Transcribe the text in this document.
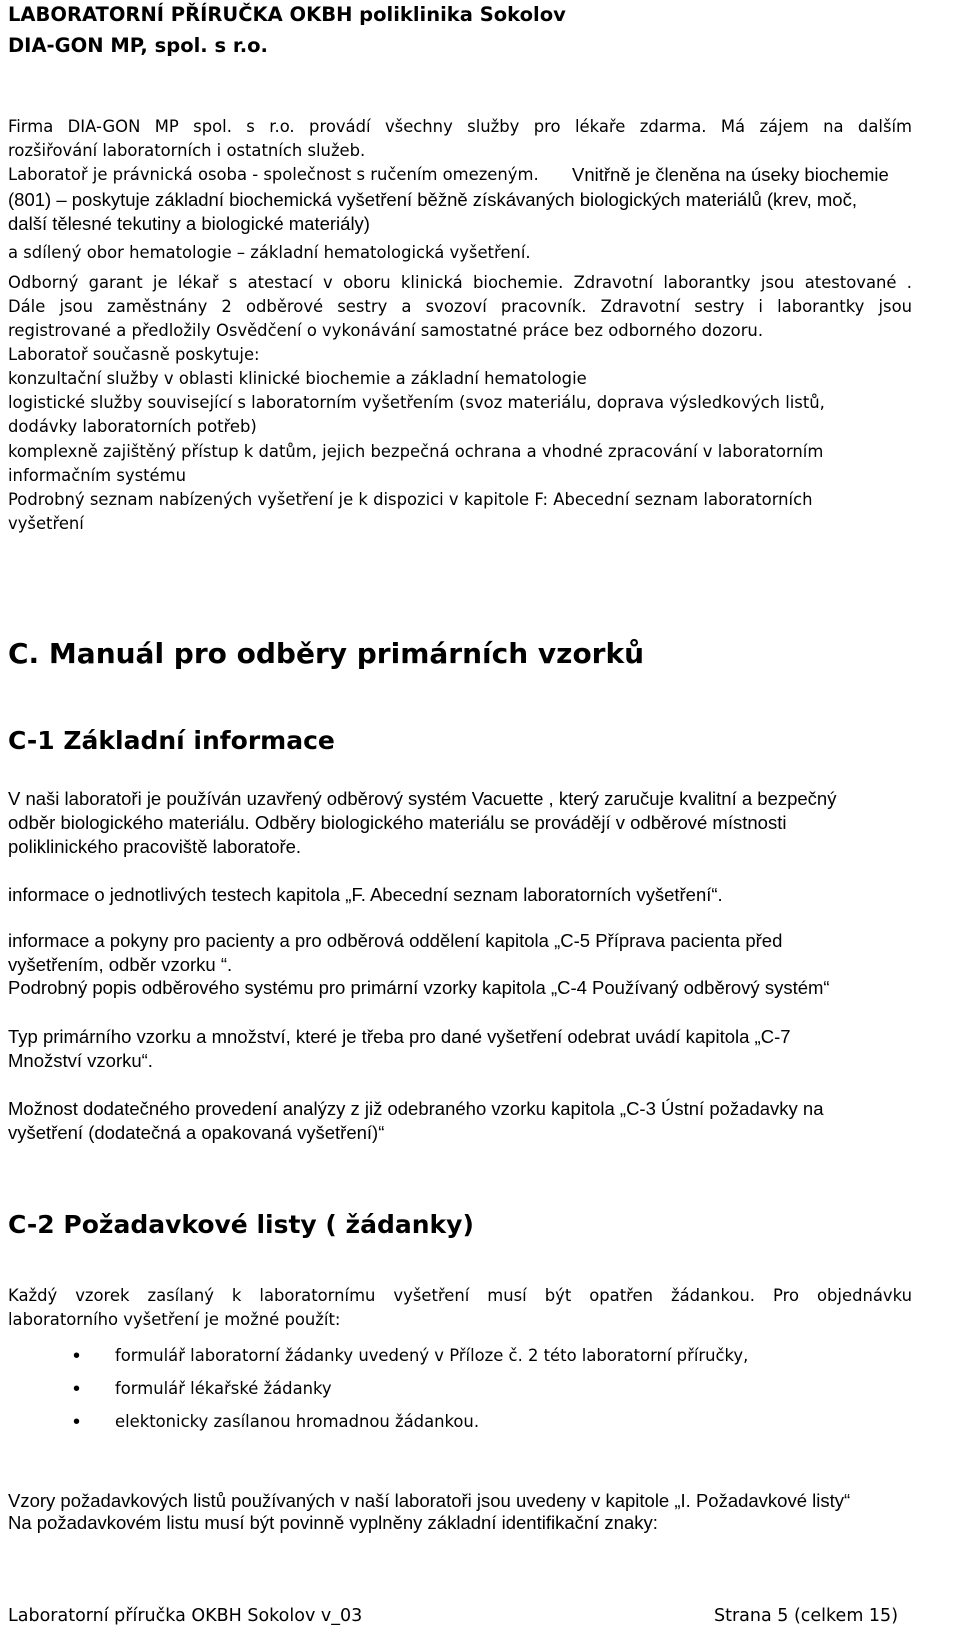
LABORATORNÍ PŘÍRUČKA OKBH poliklinika Sokolov

DIA-GON MP, spol. s r.o.

Firma DIA-GON MP spol. s r.o. provádí všechny služby pro lékaře zdarma. Má zájem na dalším

rozšiřování laboratorních i ostatních služeb.

Laboratoř je právnická osoba - společnost s ručením omezeným. Vnitřně je členěna na úseky biochemie

(801) – poskytuje základní biochemická vyšetření běžně získávaných biologických materiálů (krev, moč,

další tělesné tekutiny a biologické materiály)

a sdílený obor hematologie – základní hematologická vyšetření.

Odborný garant je lékař s atestací v oboru klinická biochemie. Zdravotní laborantky jsou atestované .

Dále jsou zaměstnány 2 odběrové sestry a svozoví pracovník. Zdravotní sestry i laborantky jsou

registrované a předložily Osvědčení o vykonávání samostatné práce bez odborného dozoru.

Laboratoř současně poskytuje:

konzultační služby v oblasti klinické biochemie a základní hematologie

logistické služby související s laboratorním vyšetřením (svoz materiálu, doprava výsledkových listů,

dodávky laboratorních potřeb)

komplexně zajištěný přístup k datům, jejich bezpečná ochrana a vhodné zpracování v laboratorním

informačním systému

Podrobný seznam nabízených vyšetření je k dispozici v kapitole F: Abecední seznam laboratorních

vyšetření

C. Manuál pro odběry primárních vzorků
C-1 Základní informace

V naši laboratoři je používán uzavřený odběrový systém Vacuette , který zaručuje kvalitní a bezpečný

odběr biologického materiálu. Odběry biologického materiálu se provádějí v odběrové místnosti

poliklinického pracoviště laboratoře.

informace o jednotlivých testech kapitola „F. Abecední seznam laboratorních vyšetření“.

informace a pokyny pro pacienty a pro odběrová oddělení kapitola „C-5 Příprava pacienta před

vyšetřením, odběr vzorku “.

Podrobný popis odběrového systému pro primární vzorky kapitola „C-4 Používaný odběrový systém“

Typ primárního vzorku a množství, které je třeba pro dané vyšetření odebrat uvádí kapitola „C-7

Množství vzorku“.

Možnost dodatečného provedení analýzy z již odebraného vzorku kapitola „C-3 Ústní požadavky na

vyšetření (dodatečná a opakovaná vyšetření)“

C-2 Požadavkové listy ( žádanky)

Každý vzorek zasílaný k laboratornímu vyšetření musí být opatřen žádankou. Pro objednávku

laboratorního vyšetření je možné použít:

• formulář laboratorní žádanky uvedený v Příloze č. 2 této laboratorní příručky,

• formulář lékařské žádanky

• elektonicky zasílanou hromadnou žádankou.

Vzory požadavkových listů používaných v naší laboratoři jsou uvedeny v kapitole „I. Požadavkové listy“

Na požadavkovém listu musí být povinně vyplněny základní identifikační znaky:

Laboratorní příručka OKBH Sokolov v_03	Strana 5 (celkem 15)
